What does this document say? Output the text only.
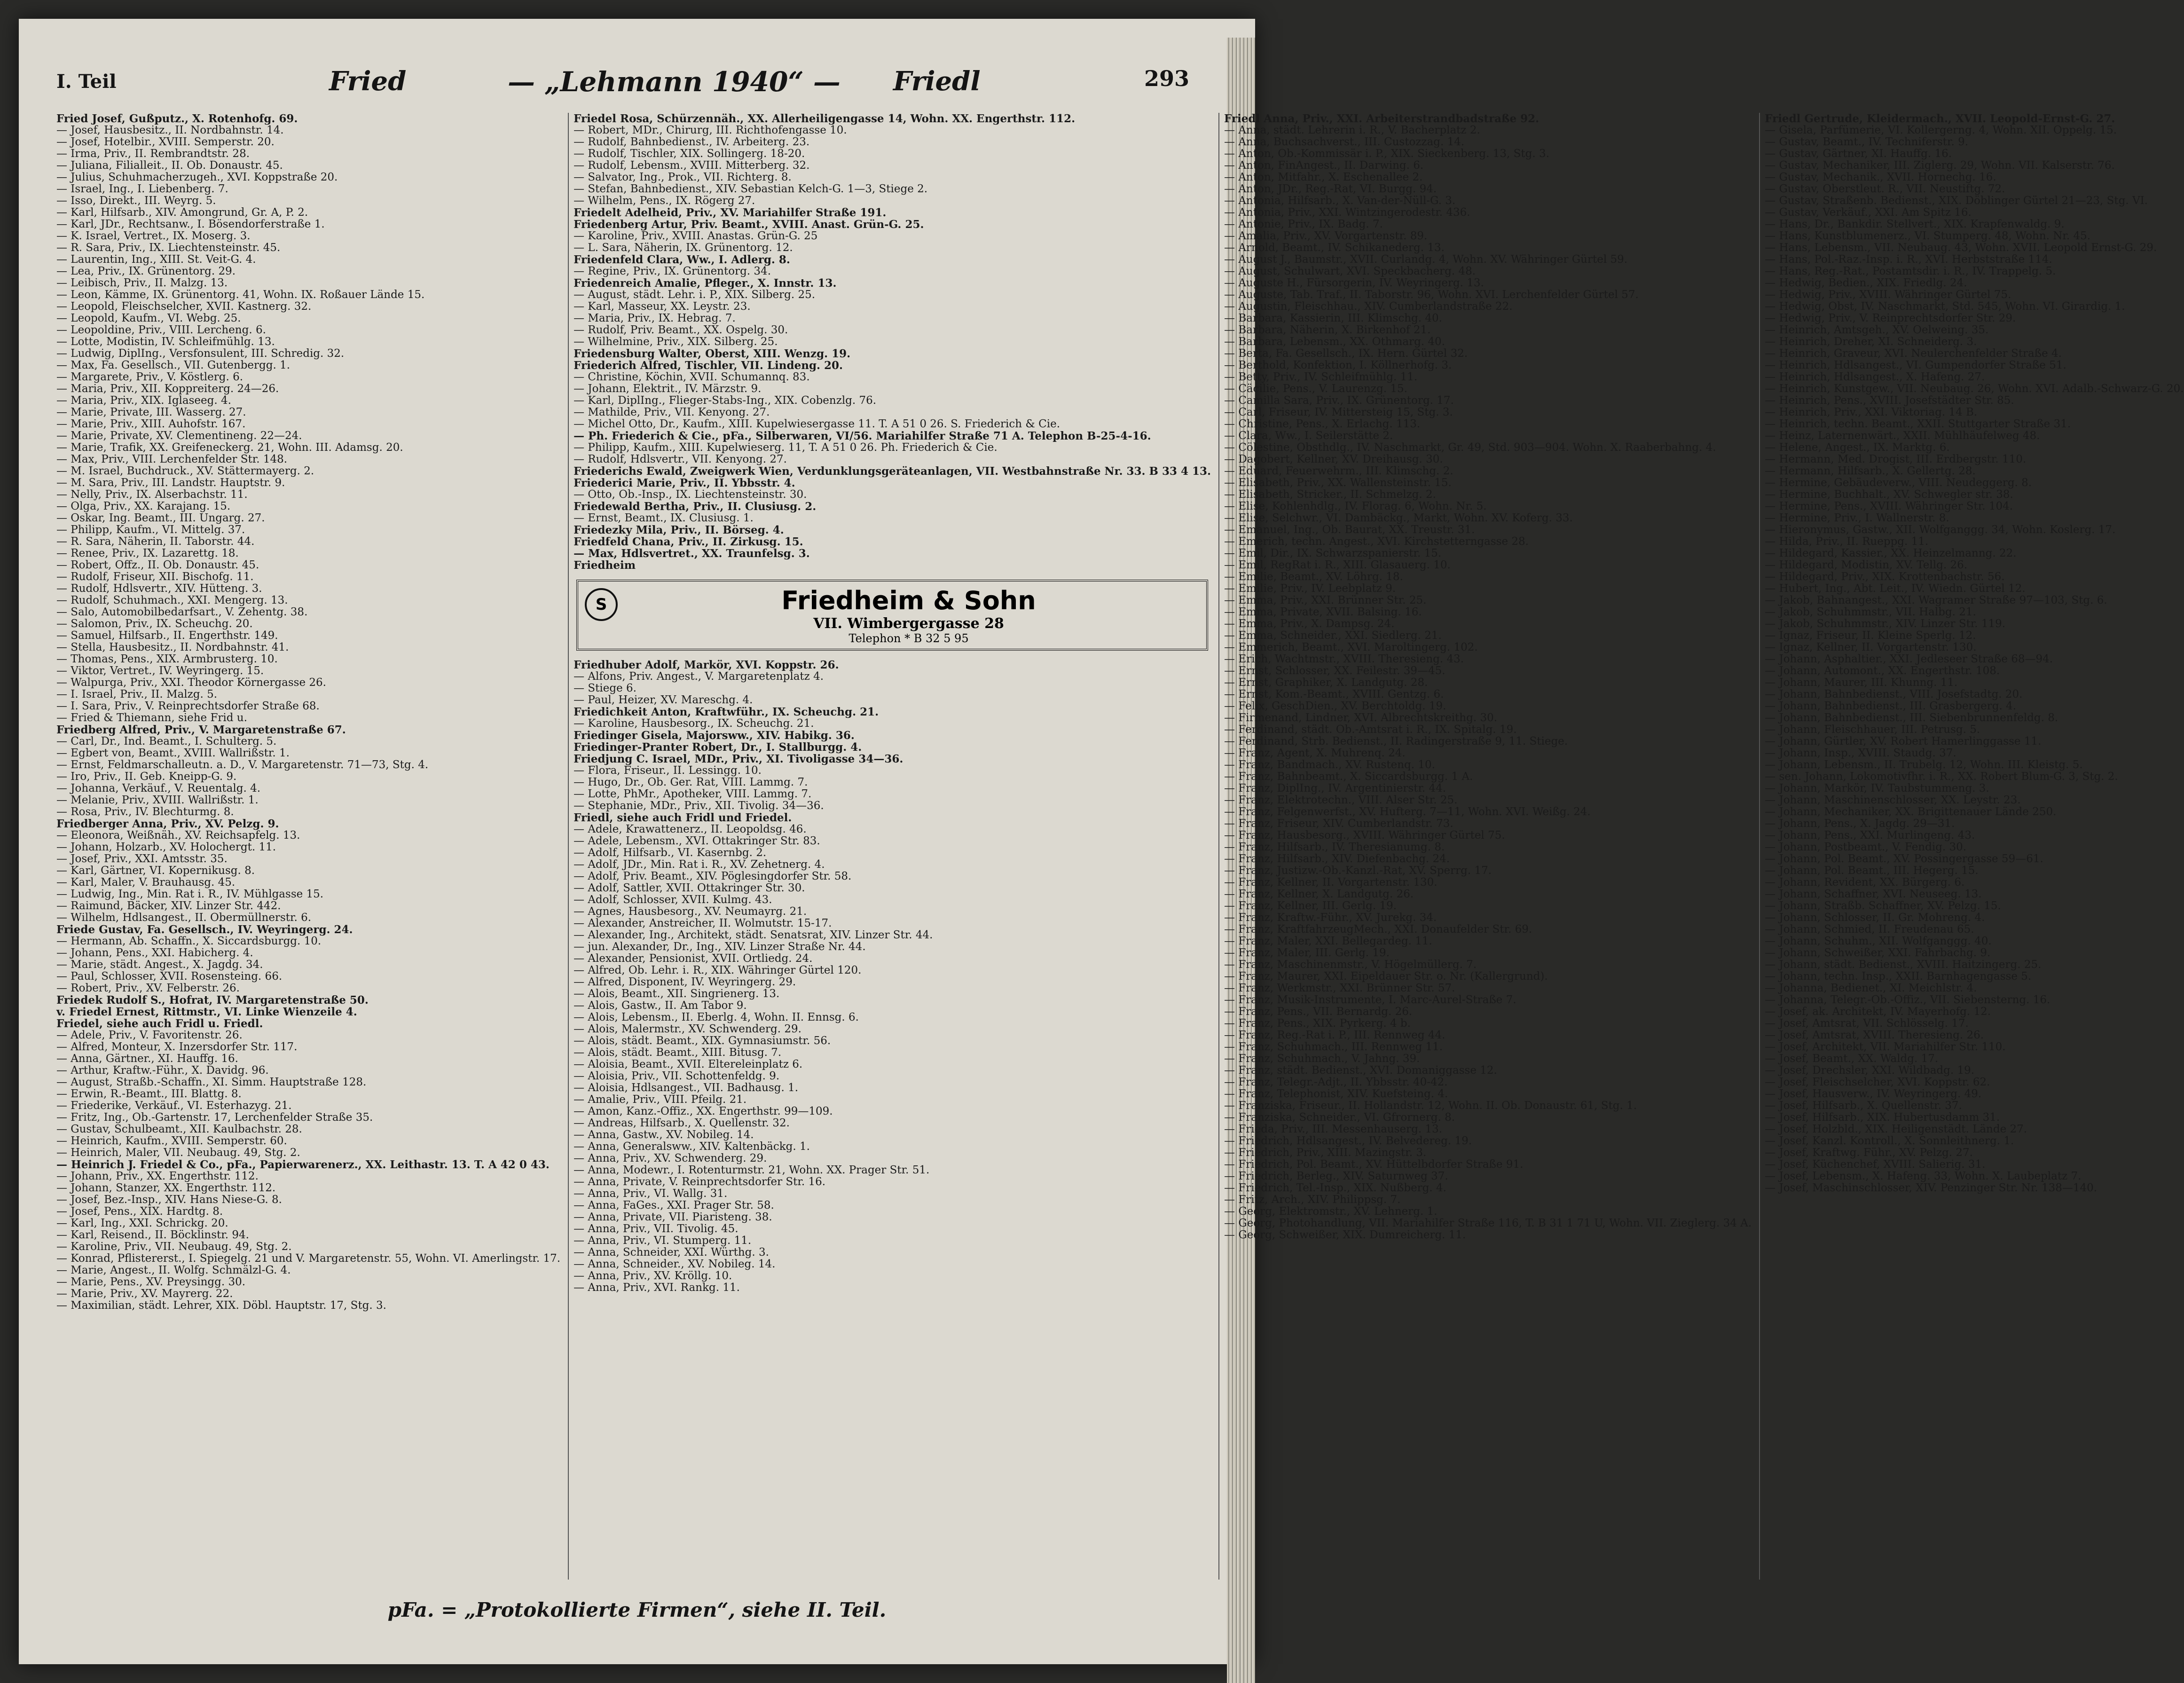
I. Teil	Fried	— „Lehmann 1940“ — Friedl	293
Fried Josef, Gußputz., X. Rotenhofg. 69.
— Josef, Hausbesitz., II. Nordbahnstr. 14.
— Josef, Hotelbir., XVIII. Semperstr. 20.
— Irma, Priv., II. Rembrandtstr. 28.
— Juliana, Filialleit., II. Ob. Donaustr. 45.
— Julius, Schuhmacherzugeh., XVI. Koppstraße 20.
— Israel, Ing., I. Liebenberg. 7.
— Isso, Direkt., III. Weyrg. 5.
— Karl, Hilfsarb., XIV. Amongrund, Gr. A, P. 2.
— Karl, JDr., Rechtsanw., I. Bösendorferstraße 1.
— K. Israel, Vertret., IX. Moserg. 3.
— R. Sara, Priv., IX. Liechtensteinstr. 45.
— Laurentin, Ing., XIII. St. Veit-G. 4.
— Lea, Priv., IX. Grünentorg. 29.
— Leibisch, Priv., II. Malzg. 13.
— Leon, Kämme, IX. Grünentorg. 41, Wohn. IX. Roßauer Lände 15.
— Leopold, Fleischselcher, XVII. Kastnerg. 32.
— Leopold, Kaufm., VI. Webg. 25.
— Leopoldine, Priv., VIII. Lercheng. 6.
— Lotte, Modistin, IV. Schleifmühlg. 13.
— Ludwig, DiplIng., Versfonsulent, III. Schredig. 32.
— Max, Fa. Gesellsch., VII. Gutenbergg. 1.
— Margarete, Priv., V. Köstlerg. 6.
— Maria, Priv., XII. Koppreiterg. 24—26.
— Maria, Priv., XIX. Iglaseeg. 4.
— Marie, Private, III. Wasserg. 27.
— Marie, Priv., XIII. Auhofstr. 167.
— Marie, Private, XV. Clementineng. 22—24.
— Marie, Trafik, XX. Greifeneckerg. 21, Wohn. III. Adamsg. 20.
— Max, Priv., VIII. Lerchenfelder Str. 148.
— M. Israel, Buchdruck., XV. Stättermayerg. 2.
— M. Sara, Priv., III. Landstr. Hauptstr. 9.
— Nelly, Priv., IX. Alserbachstr. 11.
— Olga, Priv., XX. Karajang. 15.
— Oskar, Ing. Beamt., III. Ungarg. 27.
— Philipp, Kaufm., VI. Mittelg. 37.
— R. Sara, Näherin, II. Taborstr. 44.
— Renee, Priv., IX. Lazarettg. 18.
— Robert, Offz., II. Ob. Donaustr. 45.
— Rudolf, Friseur, XII. Bischofg. 11.
— Rudolf, Hdlsvertr., XIV. Hütteng. 3.
— Rudolf, Schuhmach., XXI. Mengerg. 13.
— Salo, Automobilbedarfsart., V. Zehentg. 38.
— Salomon, Priv., IX. Scheuchg. 20.
— Samuel, Hilfsarb., II. Engerthstr. 149.
— Stella, Hausbesitz., II. Nordbahnstr. 41.
— Thomas, Pens., XIX. Armbrusterg. 10.
— Viktor, Vertret., IV. Weyringerg. 15.
— Walpurga, Priv., XXI. Theodor Körnergasse 26.
— I. Israel, Priv., II. Malzg. 5.
— I. Sara, Priv., V. Reinprechtsdorfer Straße 68.
— Fried & Thiemann, siehe Frid u.
Friedberg Alfred, Priv., V. Margaretenstraße 67.
— Carl, Dr., Ind. Beamt., I. Schulterg. 5.
— Egbert von, Beamt., XVIII. Wallrißstr. 1.
— Ernst, Feldmarschalleutn. a. D., V. Margaretenstr. 71—73, Stg. 4.
— Iro, Priv., II. Geb. Kneipp-G. 9.
— Johanna, Verkäuf., V. Reuentalg. 4.
— Melanie, Priv., XVIII. Wallrißstr. 1.
— Rosa, Priv., IV. Blechturmg. 8.
Friedberger Anna, Priv., XV. Pelzg. 9.
— Eleonora, Weißnäh., XV. Reichsapfelg. 13.
— Johann, Holzarb., XV. Holochergt. 11.
— Josef, Priv., XXI. Amtsstr. 35.
— Karl, Gärtner, VI. Kopernikusg. 8.
— Karl, Maler, V. Brauhausg. 45.
— Ludwig, Ing., Min. Rat i. R., IV. Mühlgasse 15.
— Raimund, Bäcker, XIV. Linzer Str. 442.
— Wilhelm, Hdlsangest., II. Obermüllnerstr. 6.
Friede Gustav, Fa. Gesellsch., IV. Weyringerg. 24.
— Hermann, Ab. Schaffn., X. Siccardsburgg. 10.
— Johann, Pens., XXI. Habicherg. 4.
— Marie, städt. Angest., X. Jagdg. 34.
— Paul, Schlosser, XVII. Rosensteing. 66.
— Robert, Priv., XV. Felberstr. 26.
Friedek Rudolf S., Hofrat, IV. Margaretenstraße 50.
v. Friedel Ernest, Rittmstr., VI. Linke Wienzeile 4.
Friedel, siehe auch Fridl u. Friedl.
— Adele, Priv., V. Favoritenstr. 26.
— Alfred, Monteur, X. Inzersdorfer Str. 117.
— Anna, Gärtner., XI. Hauffg. 16.
— Arthur, Kraftw.-Führ., X. Davidg. 96.
— August, Straßb.-Schaffn., XI. Simm. Hauptstraße 128.
— Erwin, R.-Beamt., III. Blattg. 8.
— Friederike, Verkäuf., VI. Esterhazyg. 21.
— Fritz, Ing., Ob.-Gartenstr. 17, Lerchenfelder Straße 35.
— Gustav, Schulbeamt., XII. Kaulbachstr. 28.
— Heinrich, Kaufm., XVIII. Semperstr. 60.
— Heinrich, Maler, VII. Neubaug. 49, Stg. 2.
— Heinrich J. Friedel & Co., pFa., Papierwarenerz., XX. Leithastr. 13. T. A 42 0 43.
— Johann, Priv., XX. Engerthstr. 112.
— Johann, Stanzer, XX. Engerthstr. 112.
— Josef, Bez.-Insp., XIV. Hans Niese-G. 8.
— Josef, Pens., XIX. Hardtg. 8.
— Karl, Ing., XXI. Schrickg. 20.
— Karl, Reisend., II. Böcklinstr. 94.
— Karoline, Priv., VII. Neubaug. 49, Stg. 2.
— Konrad, Pflistererst., I. Spiegelg. 21 und V. Margaretenstr. 55, Wohn. VI. Amerlingstr. 17.
— Marie, Angest., II. Wolfg. Schmälzl-G. 4.
— Marie, Pens., XV. Preysingg. 30.
— Marie, Priv., XV. Mayrerg. 22.
— Maximilian, städt. Lehrer, XIX. Döbl. Hauptstr. 17, Stg. 3.
Friedel Rosa, Schürzennäh., XX. Allerheiligengasse 14, Wohn. XX. Engerthstr. 112.
— Robert, MDr., Chirurg, III. Richthofengasse 10.
— Rudolf, Bahnbedienst., IV. Arbeiterg. 23.
— Rudolf, Tischler, XIX. Sollingerg. 18-20.
— Rudolf, Lebensm., XVIII. Mitterberg. 32.
— Salvator, Ing., Prok., VII. Richterg. 8.
— Stefan, Bahnbedienst., XIV. Sebastian Kelch-G. 1—3, Stiege 2.
— Wilhelm, Pens., IX. Rögerg 27.
Friedelt Adelheid, Priv., XV. Mariahilfer Straße 191.
Friedenberg Artur, Priv. Beamt., XVIII. Anast. Grün-G. 25.
— Karoline, Priv., XVIII. Anastas. Grün-G. 25
— L. Sara, Näherin, IX. Grünentorg. 12.
Friedenfeld Clara, Ww., I. Adlerg. 8.
— Regine, Priv., IX. Grünentorg. 34.
Friedenreich Amalie, Pfleger., X. Innstr. 13.
— August, städt. Lehr. i. P., XIX. Silberg. 25.
— Karl, Masseur, XX. Leystr. 23.
— Maria, Priv., IX. Hebrag. 7.
— Rudolf, Priv. Beamt., XX. Ospelg. 30.
— Wilhelmine, Priv., XIX. Silberg. 25.
Friedensburg Walter, Oberst, XIII. Wenzg. 19.
Friederich Alfred, Tischler, VII. Lindeng. 20.
— Christine, Köchin, XVII. Schumannq. 83.
— Johann, Elektrit., IV. Märzstr. 9.
— Karl, DiplIng., Flieger-Stabs-Ing., XIX. Cobenzlg. 76.
— Mathilde, Priv., VII. Kenyong. 27.
— Michel Otto, Dr., Kaufm., XIII. Kupelwiesergasse 11. T. A 51 0 26. S. Friederich & Cie.
— Ph. Friederich & Cie., pFa., Silberwaren, VI/56. Mariahilfer Straße 71 A. Telephon B-25-4-16.
— Philipp, Kaufm., XIII. Kupelwieserg. 11, T. A 51 0 26. Ph. Friederich & Cie.
— Rudolf, Hdlsvertr., VII. Kenyong. 27.
Friederichs Ewald, Zweigwerk Wien, Verdunklungsgeräteanlagen, VII. Westbahnstraße Nr. 33. B 33 4 13.
Friederici Marie, Priv., II. Ybbsstr. 4.
— Otto, Ob.-Insp., IX. Liechtensteinstr. 30.
Friedewald Bertha, Priv., II. Clusiusg. 2.
— Ernst, Beamt., IX. Clusiusg. 1.
Friedezky Mila, Priv., II. Börseg. 4.
Friedfeld Chana, Priv., II. Zirkusg. 15.
— Max, Hdlsvertret., XX. Traunfelsg. 3.
Friedheim
S	Friedheim & Sohn
VII. Wimbergergasse 28
Telephon * B 32 5 95
Friedhuber Adolf, Markör, XVI. Koppstr. 26.
— Alfons, Priv. Angest., V. Margaretenplatz 4.
— Stiege 6.
— Paul, Heizer, XV. Mareschg. 4.
Friedichkeit Anton, Kraftwführ., IX. Scheuchg. 21.
— Karoline, Hausbesorg., IX. Scheuchg. 21.
Friedinger Gisela, Majorsww., XIV. Habikg. 36.
Friedinger-Pranter Robert, Dr., I. Stallburgg. 4.
Friedjung C. Israel, MDr., Priv., XI. Tivoligasse 34—36.
— Flora, Friseur., II. Lessingg. 10.
— Hugo, Dr., Ob. Ger. Rat, VIII. Lammg. 7.
— Lotte, PhMr., Apotheker, VIII. Lammg. 7.
— Stephanie, MDr., Priv., XII. Tivolig. 34—36.
Friedl, siehe auch Fridl und Friedel.
— Adele, Krawattenerz., II. Leopoldsg. 46.
— Adele, Lebensm., XVI. Ottakringer Str. 83.
— Adolf, Hilfsarb., VI. Kasernbg. 2.
— Adolf, JDr., Min. Rat i. R., XV. Zehetnerg. 4.
— Adolf, Priv. Beamt., XIV. Pöglesingdorfer Str. 58.
— Adolf, Sattler, XVII. Ottakringer Str. 30.
— Adolf, Schlosser, XVII. Kulmg. 43.
— Agnes, Hausbesorg., XV. Neumayrg. 21.
— Alexander, Anstreicher, II. Wolmutstr. 15-17.
— Alexander, Ing., Architekt, städt. Senatsrat, XIV. Linzer Str. 44.
— jun. Alexander, Dr., Ing., XIV. Linzer Straße Nr. 44.
— Alexander, Pensionist, XVII. Ortliedg. 24.
— Alfred, Ob. Lehr. i. R., XIX. Währinger Gürtel 120.
— Alfred, Disponent, IV. Weyringerg. 29.
— Alois, Beamt., XII. Singrienerg. 13.
— Alois, Gastw., II. Am Tabor 9.
— Alois, Lebensm., II. Eberlg. 4, Wohn. II. Ennsg. 6.
— Alois, Malermstr., XV. Schwenderg. 29.
— Alois, städt. Beamt., XIX. Gymnasiumstr. 56.
— Alois, städt. Beamt., XIII. Bitusg. 7.
— Aloisia, Beamt., XVII. Eltereleinplatz 6.
— Aloisia, Priv., VII. Schottenfeldg. 9.
— Aloisia, Hdlsangest., VII. Badhausg. 1.
— Amalie, Priv., VIII. Pfeilg. 21.
— Amon, Kanz.-Offiz., XX. Engerthstr. 99—109.
— Andreas, Hilfsarb., X. Quellenstr. 32.
— Anna, Gastw., XV. Nobileg. 14.
— Anna, Generalsww., XIV. Kaltenbäckg. 1.
— Anna, Priv., XV. Schwenderg. 29.
— Anna, Modewr., I. Rotenturmstr. 21, Wohn. XX. Prager Str. 51.
— Anna, Private, V. Reinprechtsdorfer Str. 16.
— Anna, Priv., VI. Wallg. 31.
— Anna, FaGes., XXI. Prager Str. 58.
— Anna, Private, VII. Piaristeng. 38.
— Anna, Priv., VII. Tivolig. 45.
— Anna, Priv., VI. Stumperg. 11.
— Anna, Schneider, XXI. Würthg. 3.
— Anna, Schneider., XV. Nobileg. 14.
— Anna, Priv., XV. Kröllg. 10.
— Anna, Priv., XVI. Rankg. 11.
Friedl Anna, Priv., XXI. Arbeiterstrandbadstraße 92.
— Anna, städt. Lehrerin i. R., V. Bacherplatz 2.
— Anna, Buchsachverst., III. Custozzag. 14.
— Anton, Ob.-Kommissär i. P., XIX. Sieckenberg. 13, Stg. 3.
— Anton, FinAngest., II. Darwing. 6.
— Anton, Mitfahr., X. Eschenallee 2.
— Anton, JDr., Reg.-Rat, VI. Burgg. 94.
— Antonia, Hilfsarb., X. Van-der-Nüll-G. 3.
— Antonia, Priv., XXI. Wintzingerodestr. 436.
— Antonie, Priv., IX. Badg. 7.
— Amalia, Priv., XV. Vorgartenstr. 89.
— Arnold, Beamt., IV. Schikanederg. 13.
— August J., Baumstr., XVII. Curlandg. 4, Wohn. XV. Währinger Gürtel 59.
— August, Schulwart, XVI. Speckbacherg. 48.
— Auguste H., Fürsorgerin, IV. Weyringerg. 13.
— Auguste, Tab. Traf., II. Taborstr. 96, Wohn. XVI. Lerchenfelder Gürtel 57.
— Augustin, Fleischhau., XIV. Cumberlandstraße 22.
— Barbara, Kassierin, III. Klimschg. 40.
— Barbara, Näherin, X. Birkenhof 21.
— Barbara, Lebensm., XX. Othmarg. 40.
— Berta, Fa. Gesellsch., IX. Hern. Gürtel 32.
— Berthold, Konfektion, I. Köllnerhofg. 3.
— Betty, Priv., IV. Schleifmühlg. 11.
— Cäcilie, Pens., V. Laurenzg. 15.
— Camilla Sara, Priv., IX. Grünentorg. 17.
— Carl, Friseur, IV. Mittersteig 15, Stg. 3.
— Christine, Pens., X. Erlachg. 113.
— Clara, Ww., I. Seilerstätte 2.
— Cölestine, Obsthdlg., IV. Naschmarkt, Gr. 49, Std. 903—904. Wohn. X. Raaberbahng. 4.
— Dagobert, Kellner, XV. Dreihausg. 30.
— Eduard, Feuerwehrm., III. Klimschg. 2.
— Elisabeth, Priv., XX. Wallensteinstr. 15.
— Elisabeth, Stricker., II. Schmelzg. 2.
— Elise, Kohlenhdlg., IV. Florag. 6, Wohn. Nr. 5.
— Elise, Selchwr., VI. Dambäckg., Markt, Wohn. XV. Koferg. 33.
— Emanuel, Ing., Ob. Baurat, XX. Treustr. 31.
— Emerich, techn. Angest., XVI. Kirchstetterngasse 28.
— Emil, Dir., IX. Schwarzspanierstr. 15.
— Emil, RegRat i. R., XIII. Glasauerg. 10.
— Emilie, Beamt., XV. Löhrg. 18.
— Emilie, Priv., IV. Leebplatz 9.
— Emma, Priv., XXI. Brünner Str. 25.
— Emma, Private, XVII. Balsing. 16.
— Emma, Priv., X. Dampsg. 24.
— Emma, Schneider., XXI. Siedlerg. 21.
— Emmerich, Beamt., XVI. Maroltingerg. 102.
— Erich, Wachtmstr., XVIII. Theresieng. 43.
— Ernst, Schlosser, XX. Feilestr. 39—45.
— Ernst, Graphiker, X. Landgutg. 28.
— Ernst, Kom.-Beamt., XVIII. Gentzg. 6.
— Felix, GeschDien., XV. Berchtoldg. 19.
— Firmenand, Lindner, XVI. Albrechtskreithg. 30.
— Ferdinand, städt. Ob.-Amtsrat i. R., IX. Spitalg. 19.
— Ferdinand, Strb. Bedienst., II. Radingerstraße 9, 11. Stiege.
— Franz, Agent, X. Muhrenq. 24.
— Franz, Bandmach., XV. Rustenq. 10.
— Franz, Bahnbeamt., X. Siccardsburgg. 1 A.
— Franz, DiplIng., IV. Argentinierstr. 44.
— Franz, Elektrotechn., VIII. Alser Str. 25.
— Franz, Felgenwerfst., XV. Hufterg. 7—11, Wohn. XVI. Weißg. 24.
— Franz, Friseur, XIV. Cumberlandstr. 73.
— Franz, Hausbesorg., XVIII. Währinger Gürtel 75.
— Franz, Hilfsarb., IV. Theresianumg. 8.
— Franz, Hilfsarb., XIV. Diefenbachg. 24.
— Franz, Justizw.-Ob.-Kanzl.-Rat, XV. Sperrg. 17.
— Franz, Kellner, II. Vorgartenstr. 130.
— Franz, Kellner, X. Landgutg. 26.
— Franz, Kellner, III. Gerlg. 19.
— Franz, Kraftw.-Führ., XV. Jurekg. 34.
— Franz, KraftfahrzeugMech., XXI. Donaufelder Str. 69.
— Franz, Maler, XXI. Bellegardeg. 11.
— Franz, Maler, III. Gerlg. 19.
— Franz, Maschinenmstr., V. Högelmüllerg. 7.
— Franz, Maurer, XXI. Eipeldauer Str. o. Nr. (Kallergrund).
— Franz, Werkmstr., XXI. Brünner Str. 57.
— Franz, Musik-Instrumente, I. Marc-Aurel-Straße 7.
— Franz, Pens., VII. Bernardg. 26.
— Franz, Pens., XIX. Pyrkerg. 4 b.
— Franz, Reg.-Rat i. P., III. Rennweg 44.
— Franz, Schuhmach., III. Rennweg 11.
— Franz, Schuhmach., V. Jahng. 39.
— Franz, städt. Bedienst., XVI. Domaniggasse 12.
— Franz, Telegr.-Adjt., II. Ybbsstr. 40-42.
— Franz, Telephonist, XIV. Kuefsteing. 4.
— Franziska, Friseur., II. Hollandstr. 12, Wohn. II. Ob. Donaustr. 61, Stg. 1.
— Franziska, Schneider., VI. Gfrornerg. 8.
— Frieda, Priv., III. Messenhauserg. 13.
— Friedrich, Hdlsangest., IV. Belvedereg. 19.
— Friedrich, Priv., XIII. Mazingstr. 3.
— Friedrich, Pol. Beamt., XV. Hüttelbdorfer Straße 91.
— Friedrich, Berleg., XIV. Saturnweg 37.
— Friedrich, Tel.-Insp., XIX. Nußberg. 4.
— Fritz, Arch., XIV. Philippsg. 7.
— Georg, Elektromstr., XV. Lehnerg. 1.
— Georg, Photohandlung, VII. Mariahilfer Straße 116, T. B 31 1 71 U, Wohn. VII. Zieglerg. 34 A.
— Georg, Schweißer, XIX. Dumreicherg. 11.
Friedl Gertrude, Kleidermach., XVII. Leopold-Ernst-G. 27.
— Gisela, Parfümerie, VI. Kollergerng. 4, Wohn. XII. Oppelg. 15.
— Gustav, Beamt., IV. Techniferstr. 9.
— Gustav, Gärtner, XI. Hauffg. 16.
— Gustav, Mechaniker, III. Ziglerg. 29, Wohn. VII. Kalserstr. 76.
— Gustav, Mechanik., XVII. Hornechg. 16.
— Gustav, Oberstleut. R., VII. Neustiftg. 72.
— Gustav, Straßenb. Bedienst., XIX. Döblinger Gürtel 21—23, Stg. VI.
— Gustav, Verkäuf., XXI. Am Spitz 16.
— Hans, Dr., Bankdir. Stellvert., XIX. Krapfenwaldg. 9.
— Hans, Kunstblumenerz., VI. Stumperg. 48, Wohn. Nr. 45.
— Hans, Lebensm., VII. Neubaug. 43, Wohn. XVII. Leopold Ernst-G. 29.
— Hans, Pol.-Raz.-Insp. i. R., XVI. Herbststraße 114.
— Hans, Reg.-Rat., Postamtsdir. i. R., IV. Trappelg. 5.
— Hedwig, Bedien., XIX. Friedlg. 24.
— Hedwig, Priv., XVIII. Währinger Gürtel 75.
— Hedwig, Obst, IV. Naschmarkt, Std. 545, Wohn. VI. Girardig. 1.
— Hedwig, Priv., V. Reinprechtsdorfer Str. 29.
— Heinrich, Amtsgeh., XV. Oelweing. 35.
— Heinrich, Dreher, XI. Schneiderg. 3.
— Heinrich, Graveur, XVI. Neulerchenfelder Straße 4.
— Heinrich, Hdlsangest., VI. Gumpendorfer Straße 51.
— Heinrich, Hdlsangest., X. Hafeng. 27.
— Heinrich, Kunstgew., VII. Neubaug. 26, Wohn. XVI. Adalb.-Schwarz-G. 20.
— Heinrich, Pens., XVIII. Josefstädter Str. 85.
— Heinrich, Priv., XXI. Viktoriag. 14 B.
— Heinrich, techn. Beamt., XXII. Stuttgarter Straße 31.
— Heinz, Laternenwärt., XXII. Mühlhäufelweg 48.
— Helene, Angest., IX. Marktg. 6.
— Hermann, Med. Drogist, III. Erdbergstr. 110.
— Hermann, Hilfsarb., X. Gellertg. 28.
— Hermine, Gebäudeverw., VIII. Neudeggerg. 8.
— Hermine, Buchhalt., XV. Schwegler str. 38.
— Hermine, Pens., XVIII. Währinger Str. 104.
— Hermine, Priv., I. Wallnerstr. 8.
— Hieronymus, Gastw., XII. Wolfganggg. 34, Wohn. Koslerg. 17.
— Hilda, Priv., II. Rueppg. 11.
— Hildegard, Kassier., XX. Heinzelmanng. 22.
— Hildegard, Modistin, XV. Tellg. 26.
— Hildegard, Priv., XIX. Krottenbachstr. 56.
— Hubert, Ing., Abt. Leit., IV. Wiedn. Gürtel 12.
— Jakob, Bahnangest., XXI. Wagramer Straße 97—103, Stg. 6.
— Jakob, Schuhmmstr., VII. Halbg. 21.
— Jakob, Schuhmmstr., XIV. Linzer Str. 119.
— Ignaz, Friseur, II. Kleine Sperlg. 12.
— Ignaz, Kellner, II. Vorgartenstr. 130.
— Johann, Asphaltier., XXI. Jedleseer Straße 68—94.
— Johann, Automont., XX. Engerthstr. 108.
— Johann, Maurer, III. Khunng. 11.
— Johann, Bahnbedienst., VIII. Josefstadtg. 20.
— Johann, Bahnbedienst., III. Grasbergerg. 4.
— Johann, Bahnbedienst., III. Siebenbrunnenfeldg. 8.
— Johann, Fleischhauer, III. Petrusg. 5.
— Johann, Gürtler, XV. Robert Hamerlinggasse 11.
— Johann, Insp., XVIII. Staudg. 37.
— Johann, Lebensm., II. Trubelg. 12, Wohn. III. Kleistg. 5.
— sen. Johann, Lokomotivfhr. i. R., XX. Robert Blum-G. 3, Stg. 2.
— Johann, Markör, IV. Taubstummeng. 3.
— Johann, Maschinenschlosser, XX. Leystr. 23.
— Johann, Mechaniker, XX. Brigittenauer Lände 250.
— Johann, Pens., X. Jagdg. 29—31.
— Johann, Pens., XXI. Murlingeng. 43.
— Johann, Postbeamt., V. Fendig. 30.
— Johann, Pol. Beamt., XV. Possingergasse 59—61.
— Johann, Pol. Beamt., III. Hegerg. 15.
— Johann, Revident, XX. Bürgerg. 6.
— Johann, Schaffner, XVI. Neuseeg. 13.
— Johann, Straßb. Schaffner, XV. Pelzg. 15.
— Johann, Schlosser, II. Gr. Mohreng. 4.
— Johann, Schmied, II. Freudenau 65.
— Johann, Schuhm., XII. Wolfganggg. 40.
— Johann, Schweißer, XXI. Fahrbachg. 9.
— Johann, städt. Bedienst., XVIII. Haitzingerg. 25.
— Johann, techn. Insp., XXII. Barnhagengasse 5.
— Johanna, Bedienet., XI. Meichlstr. 4.
— Johanna, Telegr.-Ob.-Offiz., VII. Siebensterng. 16.
— Josef, ak. Architekt, IV. Mayerhofg. 12.
— Josef, Amtsrat, VII. Schlösselg. 17.
— Josef, Amtsrat, XVIII. Theresieng. 26.
— Josef, Architekt, VII. Mariahilfer Str. 110.
— Josef, Beamt., XX. Waldg. 17.
— Josef, Drechsler, XXI. Wildbadg. 19.
— Josef, Fleischselcher, XVI. Koppstr. 62.
— Josef, Hausverw., IV. Weyringerg. 49.
— Josef, Hilfsarb., X. Quellenstr. 37.
— Josef, Hilfsarb., XIX. Hubertusdamm 31.
— Josef, Holzbld., XIX. Heiligenstädt. Lände 27.
— Josef, Kanzl. Kontroll., X. Sonnleithnerg. 1.
— Josef, Kraftwg. Führ., XV. Pelzg. 27.
— Josef, Küchenchef, XVIII. Salierig. 31.
— Josef, Lebensm., X. Hafeng. 33, Wohn. X. Laubeplatz 7.
— Josef, Maschinschlosser, XIV. Penzinger Str. Nr. 138—140.
pFa. = „Protokollierte Firmen“, siehe II. Teil.
